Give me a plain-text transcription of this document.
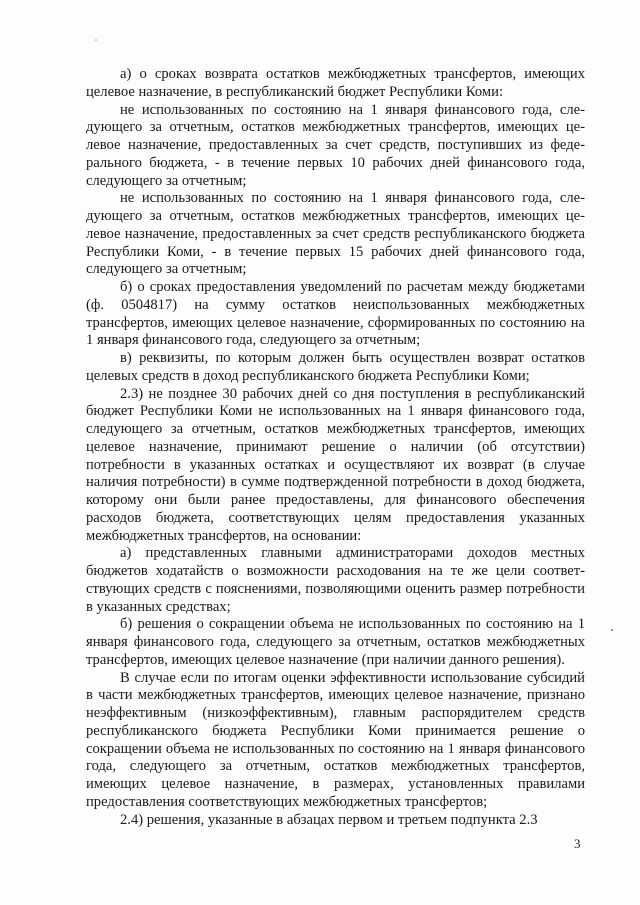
а) о сроках возврата остатков межбюджетных трансфертов, имеющих целевое назначение, в республиканский бюджет Республики Коми:

не использованных по состоянию на 1 января финансового года, следующего за отчетным, остатков межбюджетных трансфертов, имеющих целевое назначение, предоставленных за счет средств, поступивших из федерального бюджета, - в течение первых 10 рабочих дней финансового года, следующего за отчетным;

не использованных по состоянию на 1 января финансового года, следующего за отчетным, остатков межбюджетных трансфертов, имеющих целевое назначение, предоставленных за счет средств республиканского бюджета Республики Коми, - в течение первых 15 рабочих дней финансового года, следующего за отчетным;

б) о сроках предоставления уведомлений по расчетам между бюджетами (ф. 0504817) на сумму остатков неиспользованных межбюджетных трансфертов, имеющих целевое назначение, сформированных по состоянию на 1 января финансового года, следующего за отчетным;

в) реквизиты, по которым должен быть осуществлен возврат остатков целевых средств в доход республиканского бюджета Республики Коми;

2.3) не позднее 30 рабочих дней со дня поступления в республиканский бюджет Республики Коми не использованных на 1 января финансового года, следующего за отчетным, остатков межбюджетных трансфертов, имеющих целевое назначение, принимают решение о наличии (об отсутствии) потребности в указанных остатках и осуществляют их возврат (в случае наличия потребности) в сумме подтвержденной потребности в доход бюджета, которому они были ранее предоставлены, для финансового обеспечения расходов бюджета, соответствующих целям предоставления указанных межбюджетных трансфертов, на основании:

а) представленных главными администраторами доходов местных бюджетов ходатайств о возможности расходования на те же цели соответствующих средств с пояснениями, позволяющими оценить размер потребности в указанных средствах;

б) решения о сокращении объема не использованных по состоянию на 1 января финансового года, следующего за отчетным, остатков межбюджетных трансфертов, имеющих целевое назначение (при наличии данного решения).

В случае если по итогам оценки эффективности использование субсидий в части межбюджетных трансфертов, имеющих целевое назначение, признано неэффективным (низкоэффективным), главным распорядителем средств республиканского бюджета Республики Коми принимается решение о сокращении объема не использованных по состоянию на 1 января финансового года, следующего за отчетным, остатков межбюджетных трансфертов, имеющих целевое назначение, в размерах, установленных правилами предоставления соответствующих межбюджетных трансфертов;

2.4) решения, указанные в абзацах первом и третьем подпункта 2.3

3
